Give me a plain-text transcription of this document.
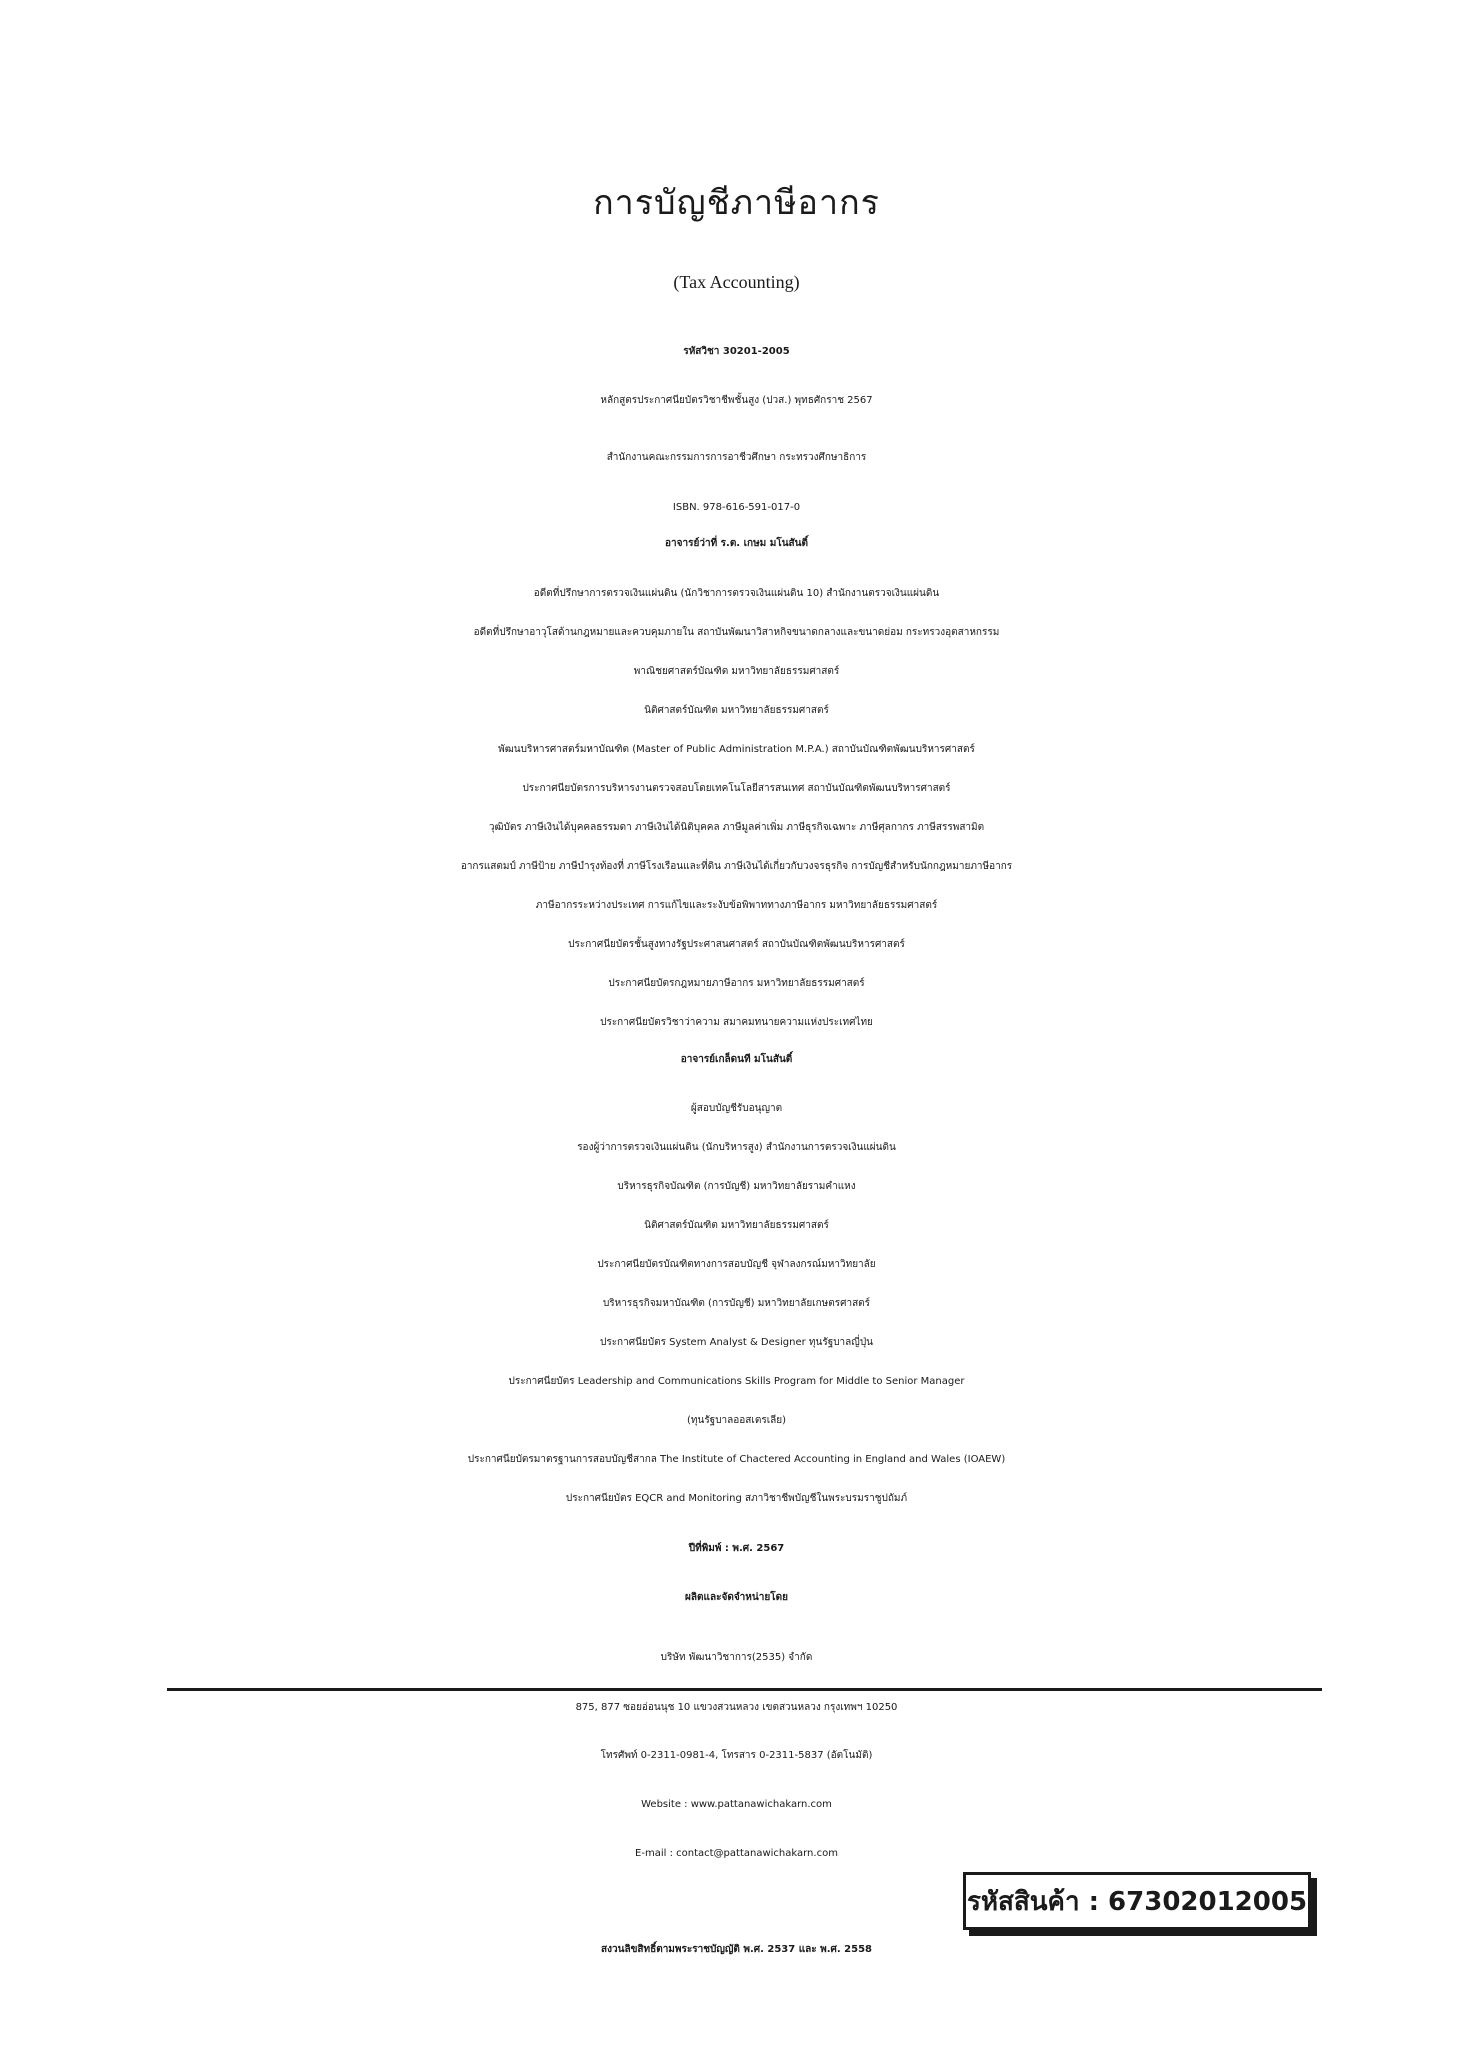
การบัญชีภาษีอากร
(Tax Accounting)
รหัสวิชา 30201-2005
หลักสูตรประกาศนียบัตรวิชาชีพชั้นสูง (ปวส.) พุทธศักราช 2567
สำนักงานคณะกรรมการการอาชีวศึกษา กระทรวงศึกษาธิการ
ISBN. 978-616-591-017-0
อาจารย์ว่าที่ ร.ต. เกษม มโนสันติ์
อดีตที่ปรึกษาการตรวจเงินแผ่นดิน (นักวิชาการตรวจเงินแผ่นดิน 10) สำนักงานตรวจเงินแผ่นดิน
อดีตที่ปรึกษาอาวุโสด้านกฎหมายและควบคุมภายใน สถาบันพัฒนาวิสาหกิจขนาดกลางและขนาดย่อม กระทรวงอุตสาหกรรม
พาณิชยศาสตร์บัณฑิต มหาวิทยาลัยธรรมศาสตร์
นิติศาสตร์บัณฑิต มหาวิทยาลัยธรรมศาสตร์
พัฒนบริหารศาสตร์มหาบัณฑิต (Master of Public Administration M.P.A.) สถาบันบัณฑิตพัฒนบริหารศาสตร์
ประกาศนียบัตรการบริหารงานตรวจสอบโดยเทคโนโลยีสารสนเทศ สถาบันบัณฑิตพัฒนบริหารศาสตร์
วุฒิบัตร ภาษีเงินได้บุคคลธรรมดา ภาษีเงินได้นิติบุคคล ภาษีมูลค่าเพิ่ม ภาษีธุรกิจเฉพาะ ภาษีศุลกากร ภาษีสรรพสามิต
อากรแสตมป์ ภาษีป้าย ภาษีบำรุงท้องที่ ภาษีโรงเรือนและที่ดิน ภาษีเงินได้เกี่ยวกับวงจรธุรกิจ การบัญชีสำหรับนักกฎหมายภาษีอากร
ภาษีอากรระหว่างประเทศ การแก้ไขและระงับข้อพิพาททางภาษีอากร มหาวิทยาลัยธรรมศาสตร์
ประกาศนียบัตรชั้นสูงทางรัฐประศาสนศาสตร์ สถาบันบัณฑิตพัฒนบริหารศาสตร์
ประกาศนียบัตรกฎหมายภาษีอากร มหาวิทยาลัยธรรมศาสตร์
ประกาศนียบัตรวิชาว่าความ สมาคมทนายความแห่งประเทศไทย
อาจารย์เกล็ดนที มโนสันติ์
ผู้สอบบัญชีรับอนุญาต
รองผู้ว่าการตรวจเงินแผ่นดิน (นักบริหารสูง) สำนักงานการตรวจเงินแผ่นดิน
บริหารธุรกิจบัณฑิต (การบัญชี) มหาวิทยาลัยรามคำแหง
นิติศาสตร์บัณฑิต มหาวิทยาลัยธรรมศาสตร์
ประกาศนียบัตรบัณฑิตทางการสอบบัญชี จุฬาลงกรณ์มหาวิทยาลัย
บริหารธุรกิจมหาบัณฑิต (การบัญชี) มหาวิทยาลัยเกษตรศาสตร์
ประกาศนียบัตร System Analyst & Designer ทุนรัฐบาลญี่ปุ่น
ประกาศนียบัตร Leadership and Communications Skills Program for Middle to Senior Manager
(ทุนรัฐบาลออสเตรเลีย)
ประกาศนียบัตรมาตรฐานการสอบบัญชีสากล The Institute of Chactered Accounting in England and Wales (IOAEW)
ประกาศนียบัตร EQCR and Monitoring สภาวิชาชีพบัญชีในพระบรมราชูปถัมภ์
ปีที่พิมพ์ : พ.ศ. 2567
ผลิตและจัดจำหน่ายโดย
บริษัท พัฒนาวิชาการ(2535) จำกัด
875, 877 ซอยอ่อนนุช 10 แขวงสวนหลวง เขตสวนหลวง กรุงเทพฯ 10250
โทรศัพท์ 0-2311-0981-4, โทรสาร 0-2311-5837 (อัตโนมัติ)
Website : www.pattanawichakarn.com
E-mail : contact@pattanawichakarn.com
รหัสสินค้า : 67302012005
สงวนลิขสิทธิ์ตามพระราชบัญญัติ พ.ศ. 2537 และ พ.ศ. 2558
